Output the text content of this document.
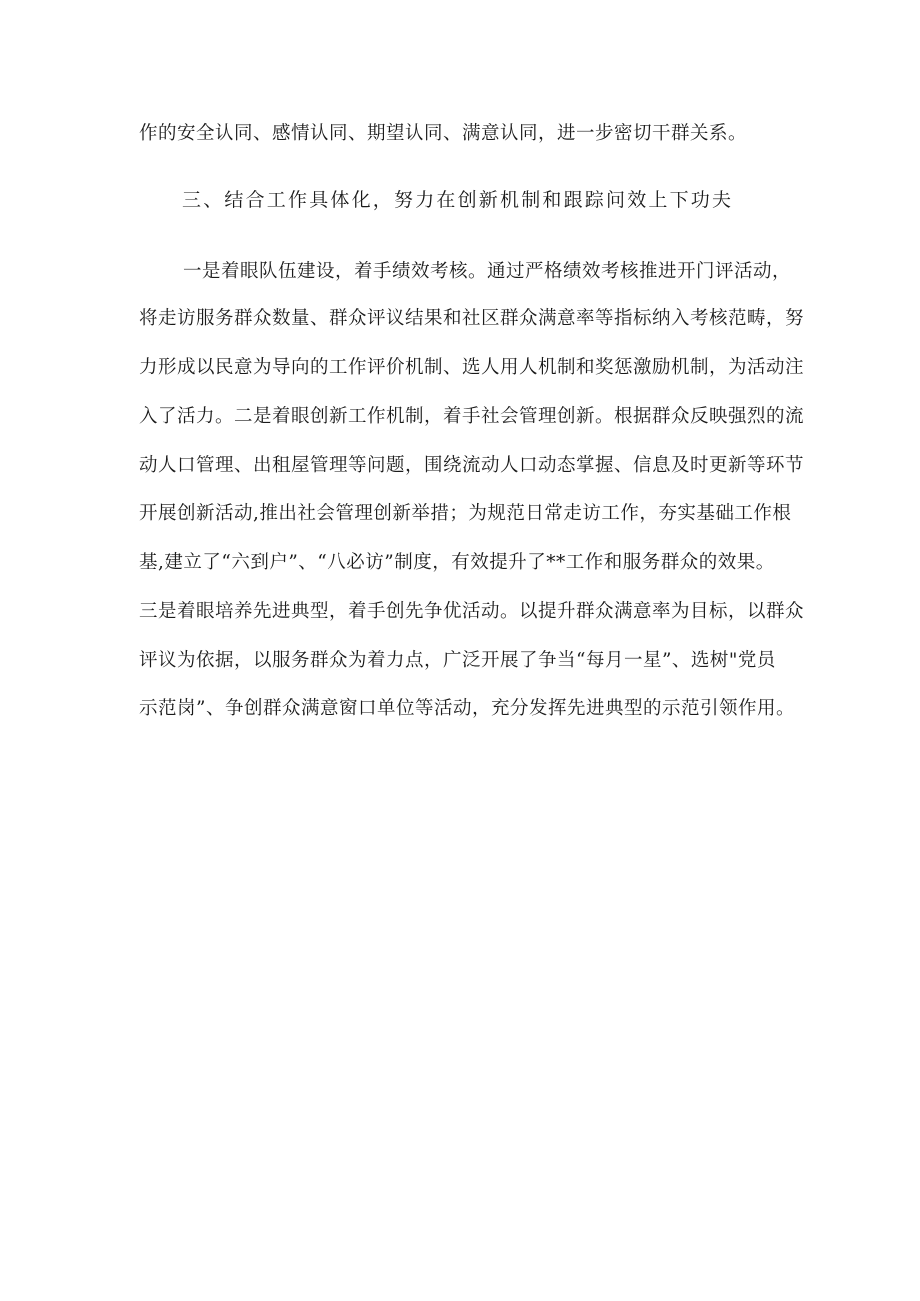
作的安全认同、感情认同、期望认同、满意认同，进一步密切干群关系。
三、结合工作具体化，努力在创新机制和跟踪问效上下功夫
一是着眼队伍建设，着手绩效考核。通过严格绩效考核推进开门评活动，
将走访服务群众数量、群众评议结果和社区群众满意率等指标纳入考核范畴，努
力形成以民意为导向的工作评价机制、选人用人机制和奖惩激励机制，为活动注
入了活力。二是着眼创新工作机制，着手社会管理创新。根据群众反映强烈的流
动人口管理、出租屋管理等问题，围绕流动人口动态掌握、信息及时更新等环节
开展创新活动,推出社会管理创新举措；为规范日常走访工作，夯实基础工作根
基,建立了“六到户”、“八必访”制度，有效提升了**工作和服务群众的效果。
三是着眼培养先进典型，着手创先争优活动。以提升群众满意率为目标，以群众
评议为依据，以服务群众为着力点，广泛开展了争当“每月一星”、选树"党员
示范岗”、争创群众满意窗口单位等活动，充分发挥先进典型的示范引领作用。
